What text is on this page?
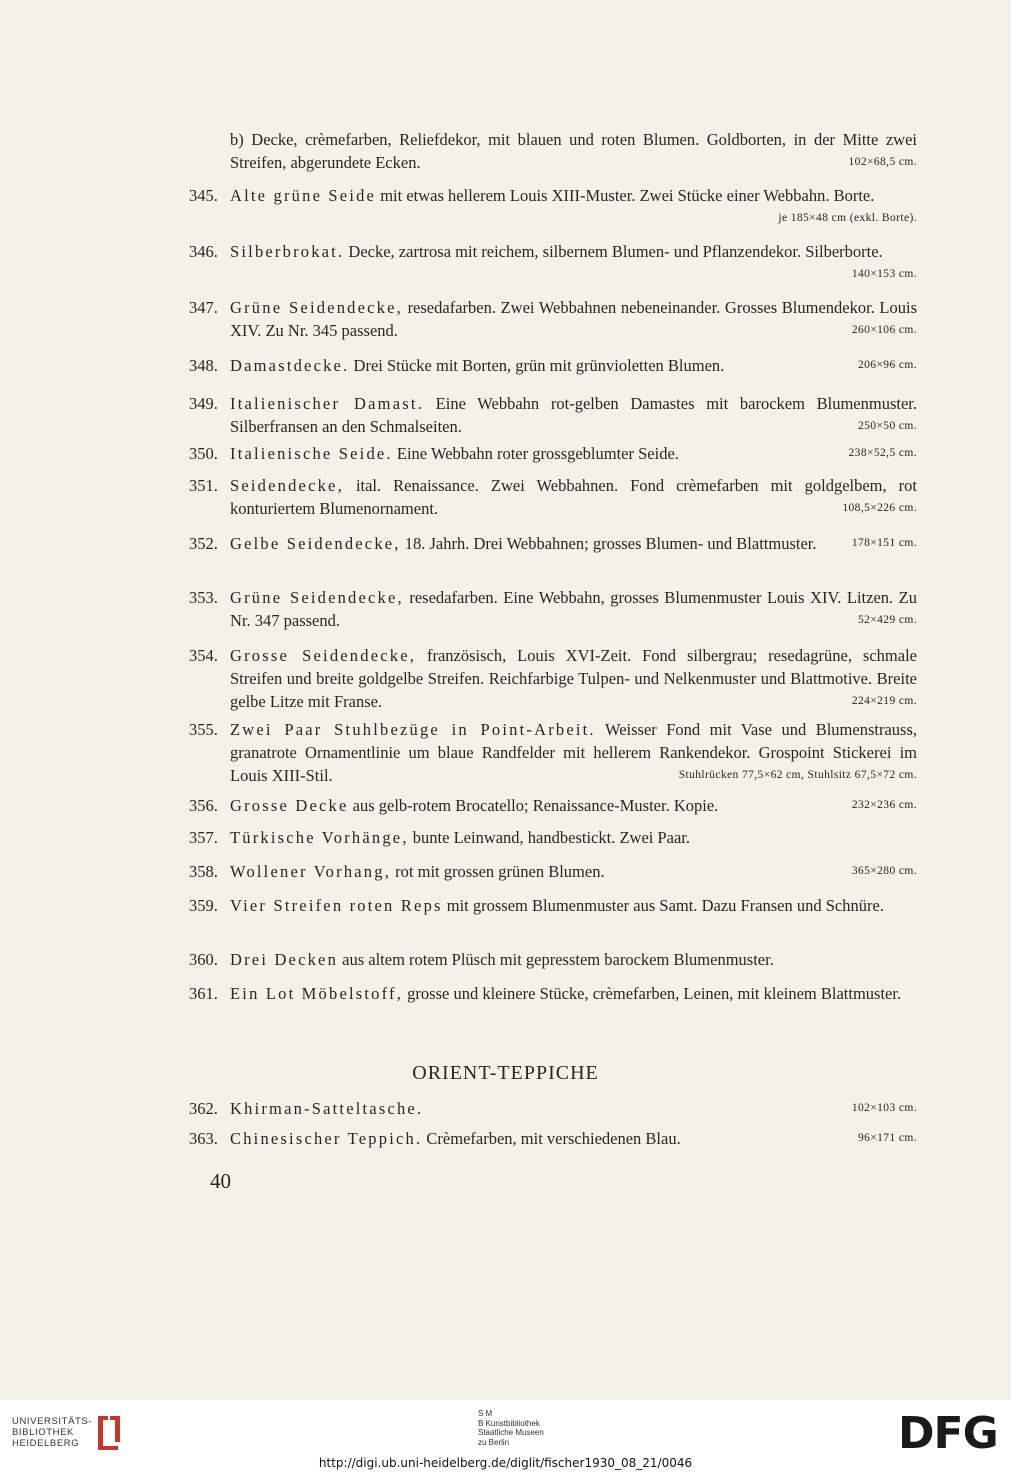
b) Decke, crèmefarben, Reliefdekor, mit blauen und roten Blumen. Goldborten, in der Mitte zwei Streifen, abgerundete Ecken.	102×68,5 cm.
345. Alte grüne Seide mit etwas hellerem Louis XIII-Muster. Zwei Stücke einer Webbahn. Borte.
je 185×48 cm (exkl. Borte).
346. Silberbrokat. Decke, zartrosa mit reichem, silbernem Blumen- und Pflanzendekor. Silberborte.
140×153 cm.
347. Grüne Seidendecke, resedafarben. Zwei Webbahnen nebeneinander. Grosses Blumendekor. Louis XIV. Zu Nr. 345 passend.	260×106 cm.
348. Damastdecke. Drei Stücke mit Borten, grün mit grünvioletten Blumen.	206×96 cm.
349. Italienischer Damast. Eine Webbahn rot-gelben Damastes mit barockem Blumenmuster. Silberfransen an den Schmalseiten.	250×50 cm.
350. Italienische Seide. Eine Webbahn roter grossgeblumter Seide.	238×52,5 cm.
351. Seidendecke, ital. Renaissance. Zwei Webbahnen. Fond crèmefarben mit goldgelbem, rot konturiertem Blumenornament.	108,5×226 cm.
352. Gelbe Seidendecke, 18. Jahrh. Drei Webbahnen; grosses Blumen- und Blattmuster.	178×151 cm.
353. Grüne Seidendecke, resedafarben. Eine Webbahn, grosses Blumenmuster Louis XIV. Litzen. Zu Nr. 347 passend.	52×429 cm.
354. Grosse Seidendecke, französisch, Louis XVI-Zeit. Fond silbergrau; resedagrüne, schmale Streifen und breite goldgelbe Streifen. Reichfarbige Tulpen- und Nelkenmuster und Blattmotive. Breite gelbe Litze mit Franse.	224×219 cm.
355. Zwei Paar Stuhlbezüge in Point-Arbeit. Weisser Fond mit Vase und Blumenstrauss, granatrote Ornamentlinie um blaue Randfelder mit hellerem Rankendekor. Grospoint Stickerei im Louis XIII-Stil.	Stuhlrücken 77,5×62 cm, Stuhlsitz 67,5×72 cm.
356. Grosse Decke aus gelb-rotem Brocatello; Renaissance-Muster. Kopie.	232×236 cm.
357. Türkische Vorhänge, bunte Leinwand, handbestickt. Zwei Paar.
358. Wollener Vorhang, rot mit grossen grünen Blumen.	365×280 cm.
359. Vier Streifen roten Reps mit grossem Blumenmuster aus Samt. Dazu Fransen und Schnüre.
360. Drei Decken aus altem rotem Plüsch mit gepresstem barockem Blumenmuster.
361. Ein Lot Möbelstoff, grosse und kleinere Stücke, crèmefarben, Leinen, mit kleinem Blattmuster.
ORIENT-TEPPICHE
362. Khirman-Satteltasche.	102×103 cm.
363. Chinesischer Teppich. Crèmefarben, mit verschiedenen Blau.	96×171 cm.
40
UNIVERSITÄTS-
BIBLIOTHEK
HEIDELBERG
S M
B Kunstbibliothek
Staatliche Museen
zu Berlin	DFG
http://digi.ub.uni-heidelberg.de/diglit/fischer1930_08_21/0046
